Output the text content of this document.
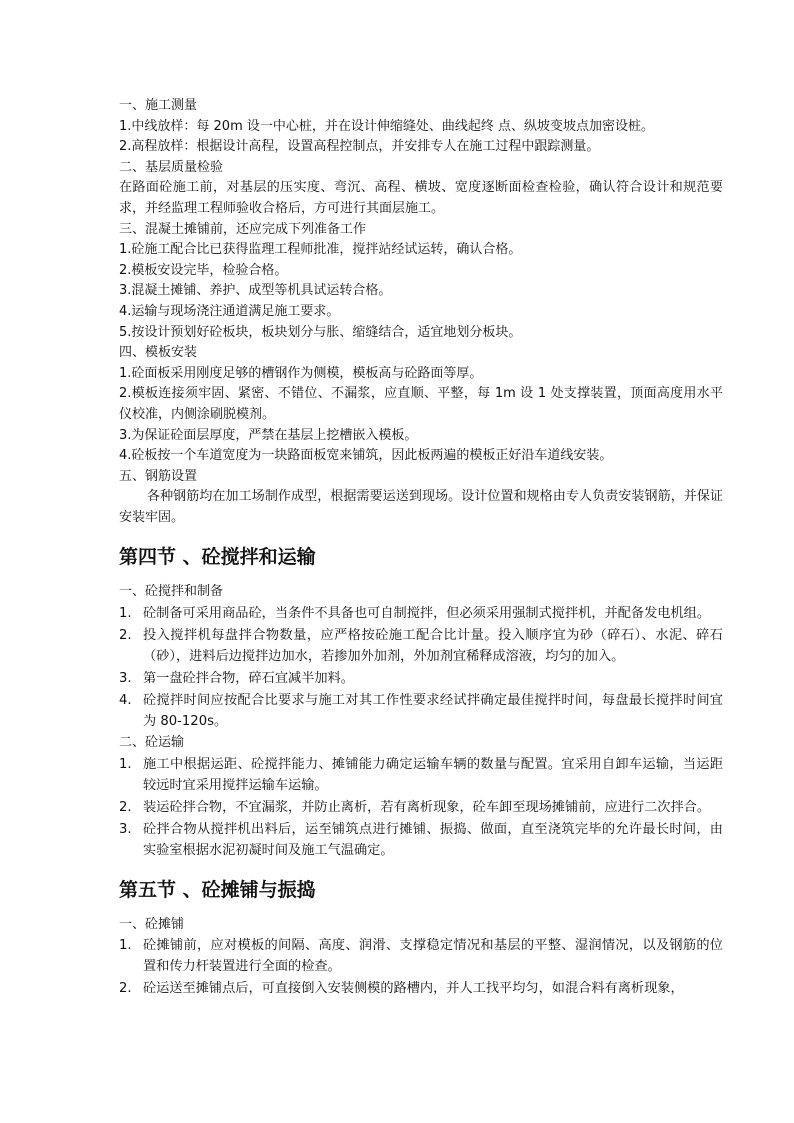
一、施工测量

1.中线放样：每 20m 设一中心桩，并在设计伸缩缝处、曲线起终 点、纵坡变坡点加密设桩。

2.高程放样：根据设计高程，设置高程控制点，并安排专人在施工过程中跟踪测量。

二、基层质量检验

在路面砼施工前，对基层的压实度、弯沉、高程、横坡、宽度逐断面检查检验，确认符合设计和规范要求，并经监理工程师验收合格后，方可进行其面层施工。

三、混凝土摊铺前，还应完成下列准备工作

1.砼施工配合比已获得监理工程师批准，搅拌站经试运转，确认合格。

2.模板安设完毕，检验合格。

3.混凝土摊铺、养护、成型等机具试运转合格。

4.运输与现场浇注通道满足施工要求。

5.按设计预划好砼板块，板块划分与胀、缩缝结合，适宜地划分板块。

四、模板安装

1.砼面板采用刚度足够的槽钢作为侧模，模板高与砼路面等厚。

2.模板连接须牢固、紧密、不错位、不漏浆，应直顺、平整，每 1m 设 1 处支撑装置，顶面高度用水平仪校准，内侧涂刷脱模剂。

3.为保证砼面层厚度，严禁在基层上挖槽嵌入模板。

4.砼板按一个车道宽度为一块路面板宽来铺筑，因此板两遍的模板正好沿车道线安装。

五、钢筋设置

各种钢筋均在加工场制作成型，根据需要运送到现场。设计位置和规格由专人负责安装钢筋，并保证安装牢固。

第四节 、砼搅拌和运输

一、砼搅拌和制备

1. 砼制备可采用商品砼，当条件不具备也可自制搅拌，但必须采用强制式搅拌机，并配备发电机组。
2. 投入搅拌机每盘拌合物数量，应严格按砼施工配合比计量。投入顺序宜为砂（碎石）、水泥、碎石（砂），进料后边搅拌边加水，若掺加外加剂，外加剂宜稀释成溶液，均匀的加入。
3. 第一盘砼拌合物，碎石宜减半加料。
4. 砼搅拌时间应按配合比要求与施工对其工作性要求经试拌确定最佳搅拌时间，每盘最长搅拌时间宜为 80-120s。

二、砼运输

1. 施工中根据运距、砼搅拌能力、摊铺能力确定运输车辆的数量与配置。宜采用自卸车运输，当运距较远时宜采用搅拌运输车运输。
2. 装运砼拌合物，不宜漏浆，并防止离析，若有离析现象，砼车卸至现场摊铺前，应进行二次拌合。
3. 砼拌合物从搅拌机出料后，运至铺筑点进行摊铺、振捣、做面，直至浇筑完毕的允许最长时间，由实验室根据水泥初凝时间及施工气温确定。
第五节 、砼摊铺与振捣

一、砼摊铺

1. 砼摊铺前，应对模板的间隔、高度、润滑、支撑稳定情况和基层的平整、湿润情况，以及钢筋的位置和传力杆装置进行全面的检查。
2. 砼运送至摊铺点后，可直接倒入安装侧模的路槽内，并人工找平均匀，如混合料有离析现象，
